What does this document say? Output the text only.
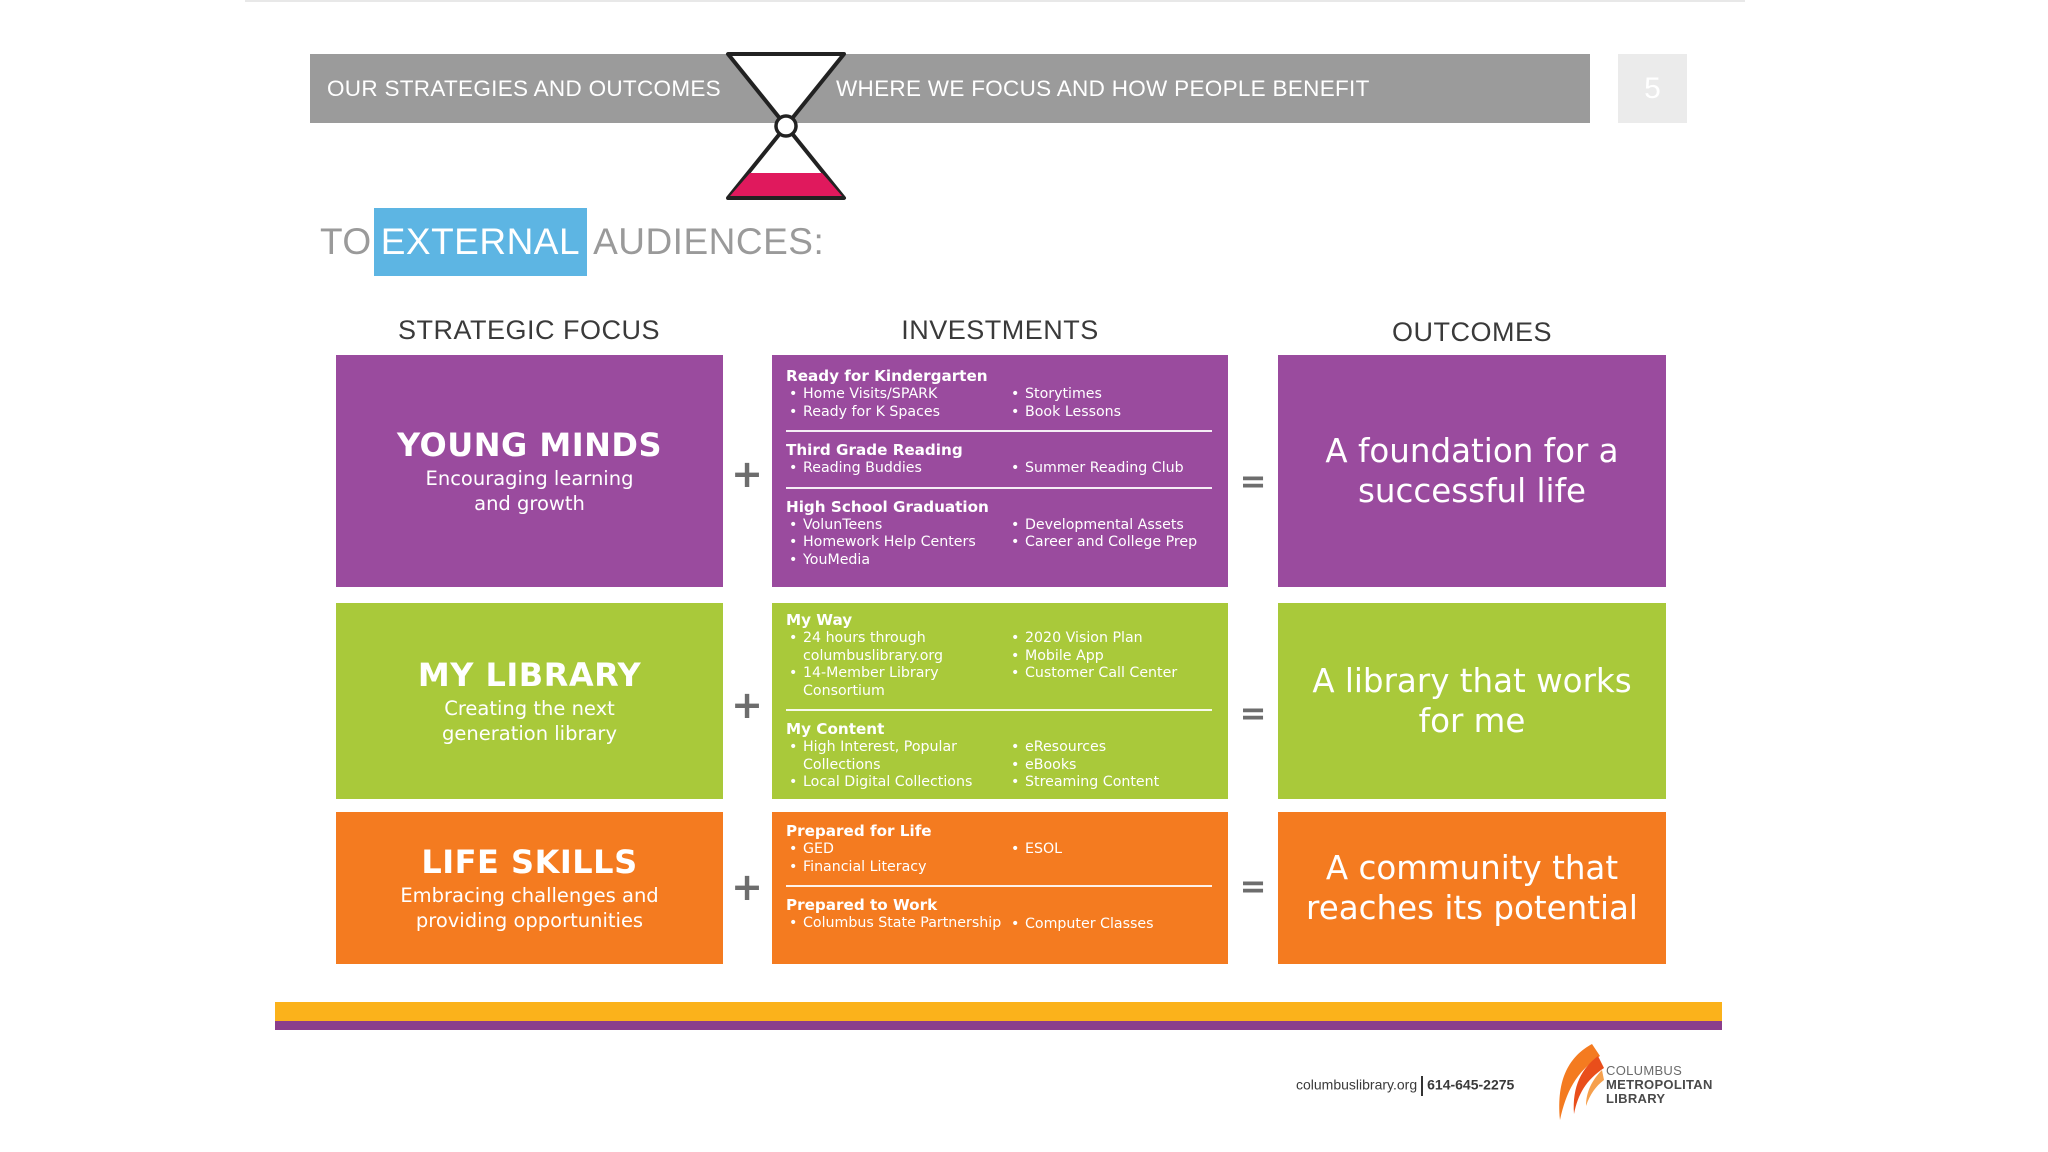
OUR STRATEGIES AND OUTCOMES	WHERE WE FOCUS AND HOW PEOPLE BENEFIT	5
TO EXTERNAL AUDIENCES:
STRATEGIC FOCUS	INVESTMENTS	OUTCOMES
YOUNG MINDS
Encouraging learning and growth
+
Ready for Kindergarten
• Home Visits/SPARK
• Ready for K Spaces
• Storytimes
• Book Lessons
Third Grade Reading
• Reading Buddies	• Summer Reading Club
High School Graduation
• VolunTeens
• Homework Help Centers
• YouMedia
• Developmental Assets
• Career and College Prep
=
A foundation for a successful life
MY LIBRARY
Creating the next generation library
+
My Way
• 24 hours through columbuslibrary.org
• 14-Member Library Consortium
• 2020 Vision Plan
• Mobile App
• Customer Call Center
My Content
• High Interest, Popular Collections
• Local Digital Collections
• eResources
• eBooks
• Streaming Content
=
A library that works for me
LIFE SKILLS
Embracing challenges and providing opportunities
+
Prepared for Life
• GED
• Financial Literacy
• ESOL
Prepared to Work
• Columbus State Partnership	• Computer Classes
=	A community that reaches its potential
columbuslibrary.org 614-645-2275
COLUMBUS
METROPOLITAN
LIBRARY
